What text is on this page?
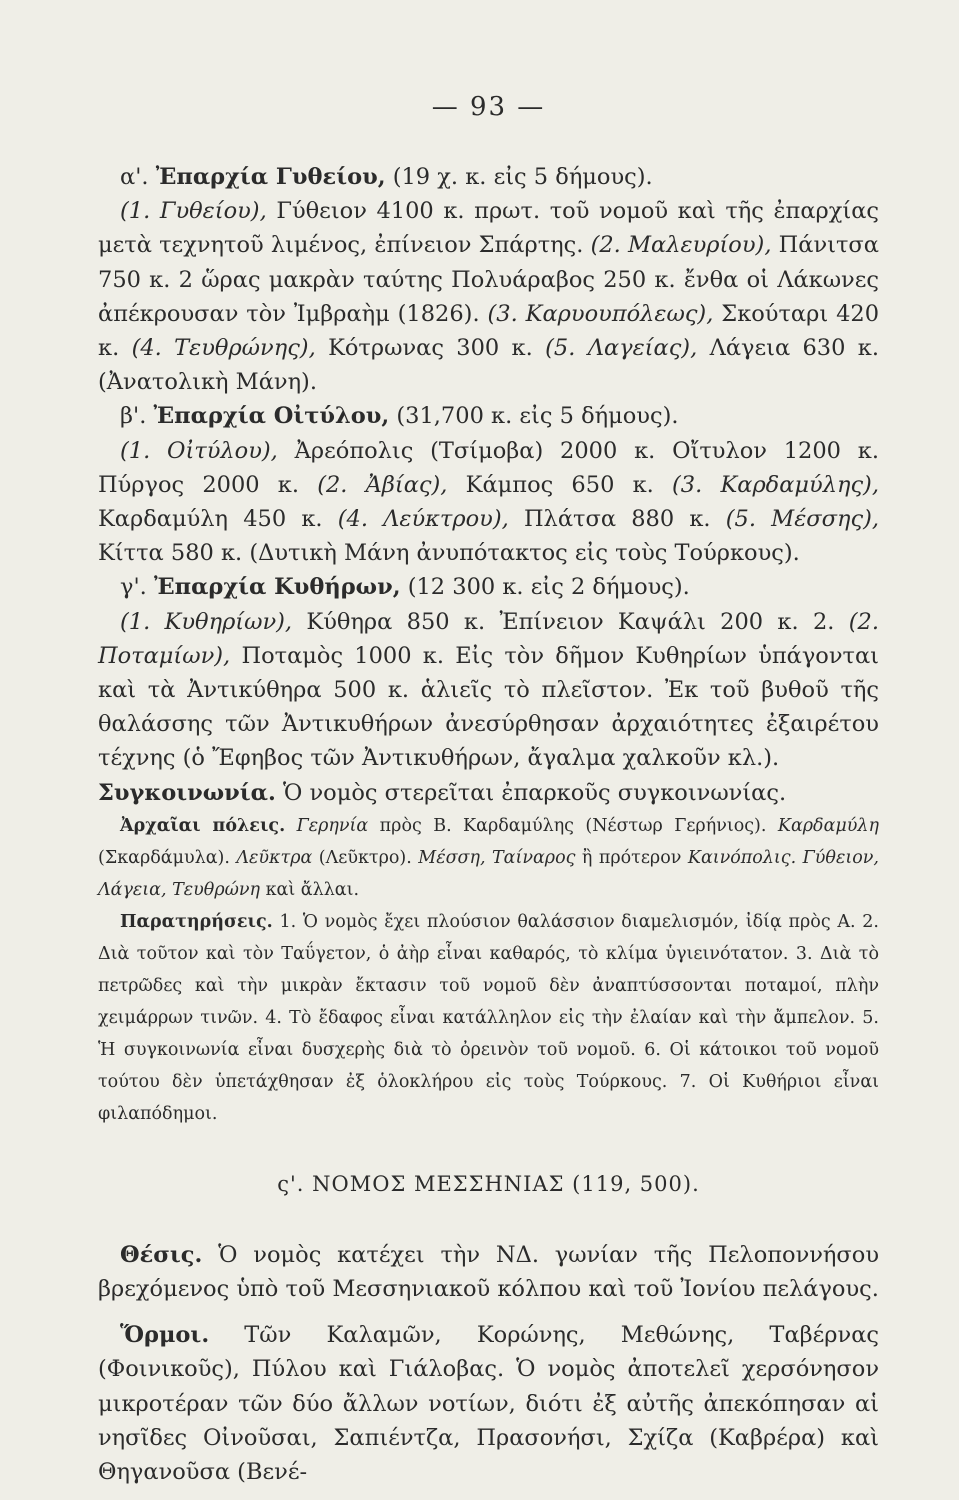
— 93 —

α'. Ἐπαρχία Γυθείου, (19 χ. κ. εἰς 5 δήμους).
(1. Γυθείου), Γύθειον 4100 κ. πρωτ. τοῦ νομοῦ καὶ τῆς ἐπαρχίας μετὰ τεχνητοῦ λιμένος, ἐπίνειον Σπάρτης. (2. Μαλευρίου), Πάνιτσα 750 κ. 2 ὥρας μακρὰν ταύτης Πολυάραβος 250 κ. ἔνθα οἱ Λάκωνες ἀπέκρουσαν τὸν Ἰμβραὴμ (1826). (3. Καρυουπόλεως), Σκούταρι 420 κ. (4. Τευθρώνης), Κότρωνας 300 κ. (5. Λαγείας), Λάγεια 630 κ. (Ἀνατολικὴ Μάνη).

β'. Ἐπαρχία Οἰτύλου, (31,700 κ. εἰς 5 δήμους).
(1. Οἰτύλου), Ἀρεόπολις (Τσίμοβα) 2000 κ. Οἴτυλον 1200 κ. Πύργος 2000 κ. (2. Ἀβίας), Κάμπος 650 κ. (3. Καρδαμύλης), Καρδαμύλη 450 κ. (4. Λεύκτρου), Πλάτσα 880 κ. (5. Μέσσης), Κίττα 580 κ. (Δυτικὴ Μάνη ἀνυπότακτος εἰς τοὺς Τούρκους).

γ'. Ἐπαρχία Κυθήρων, (12 300 κ. εἰς 2 δήμους).
(1. Κυθηρίων), Κύθηρα 850 κ. Ἐπίνειον Καψάλι 200 κ. 2. (2. Ποταμίων), Ποταμὸς 1000 κ. Εἰς τὸν δῆμον Κυθηρίων ὑπάγονται καὶ τὰ Ἀντικύθηρα 500 κ. ἁλιεῖς τὸ πλεῖστον. Ἐκ τοῦ βυθοῦ τῆς θαλάσσης τῶν Ἀντικυθήρων ἀνεσύρθησαν ἀρχαιότητες ἐξαιρέτου τέχνης (ὁ Ἔφηβος τῶν Ἀντικυθήρων, ἄγαλμα χαλκοῦν κλ.).

Συγκοινωνία. Ὁ νομὸς στερεῖται ἐπαρκοῦς συγκοινωνίας.

Ἀρχαῖαι πόλεις. Γερηνία πρὸς Β. Καρδαμύλης (Νέστωρ Γερήνιος). Καρδαμύλη (Σκαρδάμυλα). Λεῦκτρα (Λεῦκτρο). Μέσση, Ταίναρος ἢ πρότερον Καινόπολις. Γύθειον, Λάγεια, Τευθρώνη καὶ ἄλλαι.

Παρατηρήσεις. 1. Ὁ νομὸς ἔχει πλούσιον θαλάσσιον διαμελισμόν, ἰδίᾳ πρὸς Α. 2. Διὰ τοῦτον καὶ τὸν Ταΰγετον, ὁ ἀὴρ εἶναι καθαρός, τὸ κλίμα ὑγιεινότατον. 3. Διὰ τὸ πετρῶδες καὶ τὴν μικρὰν ἔκτασιν τοῦ νομοῦ δὲν ἀναπτύσσονται ποταμοί, πλὴν χειμάρρων τινῶν. 4. Τὸ ἔδαφος εἶναι κατάλληλον εἰς τὴν ἐλαίαν καὶ τὴν ἄμπελον. 5. Ἡ συγκοινωνία εἶναι δυσχερὴς διὰ τὸ ὀρεινὸν τοῦ νομοῦ. 6. Οἱ κάτοικοι τοῦ νομοῦ τούτου δὲν ὑπετάχθησαν ἐξ ὁλοκλήρου εἰς τοὺς Τούρκους. 7. Οἱ Κυθήριοι εἶναι φιλαπόδημοι.

ς'. ΝΟΜΟΣ ΜΕΣΣΗΝΙΑΣ (119, 500).

Θέσις. Ὁ νομὸς κατέχει τὴν ΝΔ. γωνίαν τῆς Πελοποννήσου βρεχόμενος ὑπὸ τοῦ Μεσσηνιακοῦ κόλπου καὶ τοῦ Ἰονίου πελάγους.

Ὅρμοι. Τῶν Καλαμῶν, Κορώνης, Μεθώνης, Ταβέρνας (Φοινικοῦς), Πύλου καὶ Γιάλοβας. Ὁ νομὸς ἀποτελεῖ χερσόνησον μικροτέραν τῶν δύο ἄλλων νοτίων, διότι ἐξ αὐτῆς ἀπεκόπησαν αἱ νησῖδες Οἰνοῦσαι, Σαπιέντζα, Πρασονήσι, Σχίζα (Καβρέρα) καὶ Θηγανοῦσα (Βενέ-
